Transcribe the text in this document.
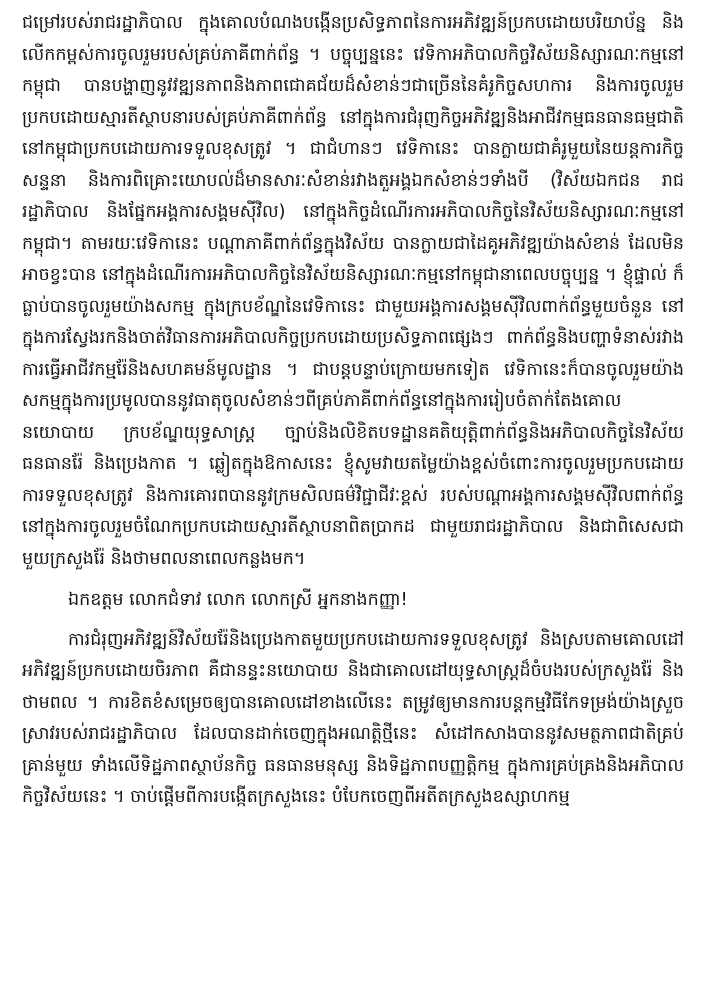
ជម្រៅរបស់រាជរដ្ឋាភិបាល ក្នុងគោលបំណងបង្កើនប្រសិទ្ធភាពនៃការអភិវឌ្ឍន៍ប្រកបដោយបរិយាប័ន្ន និងលើកកម្ពស់ការចូលរួមរបស់គ្រប់ភាគីពាក់ព័ន្ធ ។ បច្ចុប្បន្ននេះ វេទិកាអភិបាលកិច្ចវិស័យនិស្សារណៈកម្មនៅកម្ពុជា បានបង្ហាញនូវវឌ្ឍនភាពនិងភាពជោគជ័យដ៏សំខាន់ៗជាច្រើននៃគំរូកិច្ចសហការ និងការចូលរួមប្រកបដោយស្មារតីស្ថាបនារបស់គ្រប់ភាគីពាក់ព័ន្ធ នៅក្នុងការជំរុញកិច្ចអភិវឌ្ឍនិងអាជីវកម្មធនធានធម្មជាតិនៅកម្ពុជាប្រកបដោយការទទួលខុសត្រូវ ។ ជាជំហានៗ វេទិកានេះ បានក្លាយជាគំរូមួយនៃយន្តការកិច្ចសន្ទនា និងការពិគ្រោះយោបល់ដ៏មានសារៈសំខាន់រវាងតួអង្គឯកសំខាន់ៗទាំងបី (វិស័យឯកជន រាជរដ្ឋាភិបាល និងផ្នែកអង្គការសង្គមស៊ីវិល) នៅក្នុងកិច្ចដំណើរការអភិបាលកិច្ចនៃវិស័យនិស្សារណៈកម្មនៅកម្ពុជា។ តាមរយៈវេទិកានេះ បណ្តាភាគីពាក់ព័ន្ធក្នុងវិស័យ បានក្លាយជាដៃគូអភិវឌ្ឍយ៉ាងសំខាន់ ដែលមិនអាចខ្វះបាន នៅក្នុងដំណើរការអភិបាលកិច្ចនៃវិស័យនិស្សារណៈកម្មនៅកម្ពុជានាពេលបច្ចុប្បន្ន ។ ខ្ញុំផ្ទាល់ ក៏ធ្លាប់បានចូលរួមយ៉ាងសកម្ម ក្នុងក្របខ័ណ្ឌនៃវេទិកានេះ ជាមួយអង្គការសង្គមស៊ីវិលពាក់ព័ន្ធមួយចំនួន នៅក្នុងការស្វែងរកនិងចាត់វិធានការអភិបាលកិច្ចប្រកបដោយប្រសិទ្ធភាពផ្សេងៗ ពាក់ព័ន្ធនិងបញ្ហាទំនាស់រវាងការធ្វើអាជីវកម្មរ៉ែនិងសហគមន៍មូលដ្ឋាន ។ ជាបន្តបន្ទាប់ក្រោយមកទៀត វេទិកានេះក៏បានចូលរួមយ៉ាងសកម្មក្នុងការប្រមូលបាននូវធាតុចូលសំខាន់ៗពីគ្រប់ភាគីពាក់ព័ន្ធនៅក្នុងការរៀបចំតាក់តែងគោលនយោបាយ ក្របខ័ណ្ឌយុទ្ធសាស្ត្រ ច្បាប់និងលិខិតបទដ្ឋានគតិយុត្តិពាក់ព័ន្ធនិងអភិបាលកិច្ចនៃវិស័យធនធានរ៉ែ និងប្រេងកាត ។ ឆ្លៀតក្នុងឱកាសនេះ ខ្ញុំសូមវាយតម្លៃយ៉ាងខ្ពស់ចំពោះការចូលរួមប្រកបដោយការទទួលខុសត្រូវ និងការគោរពបាននូវក្រមសិលធម៌វិជ្ជាជីវៈខ្ពស់ របស់បណ្តាអង្គការសង្គមស៊ីវិលពាក់ព័ន្ធ នៅក្នុងការចូលរួមចំណែកប្រកបដោយស្មារតីស្ថាបនាពិតប្រាកដ ជាមួយរាជរដ្ឋាភិបាល និងជាពិសេសជាមួយក្រសួងរ៉ែ និងថាមពលនាពេលកន្លងមក។

ឯកឧត្តម លោកជំទាវ លោក លោកស្រី អ្នកនាងកញ្ញា!

ការជំរុញអភិវឌ្ឍន៍វិស័យរ៉ែនិងប្រេងកាតមួយប្រកបដោយការទទួលខុសត្រូវ និងស្របតាមគោលដៅអភិវឌ្ឍន៍ប្រកបដោយចិរភាព គឺជានន្ទះនយោបាយ និងជាគោលដៅយុទ្ធសាស្ត្រដ៏ចំបងរបស់ក្រសួងរ៉ែ និងថាមពល ។ ការខិតខំសម្រេចឲ្យបានគោលដៅខាងលើនេះ តម្រូវឲ្យមានការបន្តកម្មវិធីកែទម្រង់យ៉ាងស្រួចស្រាវរបស់រាជរដ្ឋាភិបាល ដែលបានដាក់ចេញក្នុងអណត្តិថ្មីនេះ សំដៅកសាងបាននូវសមត្ថភាពជាតិគ្រប់គ្រាន់មួយ ទាំងលើទិដ្ឋភាពស្ថាប័នកិច្ច ធនធានមនុស្ស និងទិដ្ឋភាពបញ្ញត្តិកម្ម ក្នុងការគ្រប់គ្រងនិងអភិបាលកិច្ចវិស័យនេះ ។ ចាប់ផ្តើមពីការបង្កើតក្រសួងនេះ បំបែកចេញពីអតីតក្រសួងឧស្សាហកម្ម
